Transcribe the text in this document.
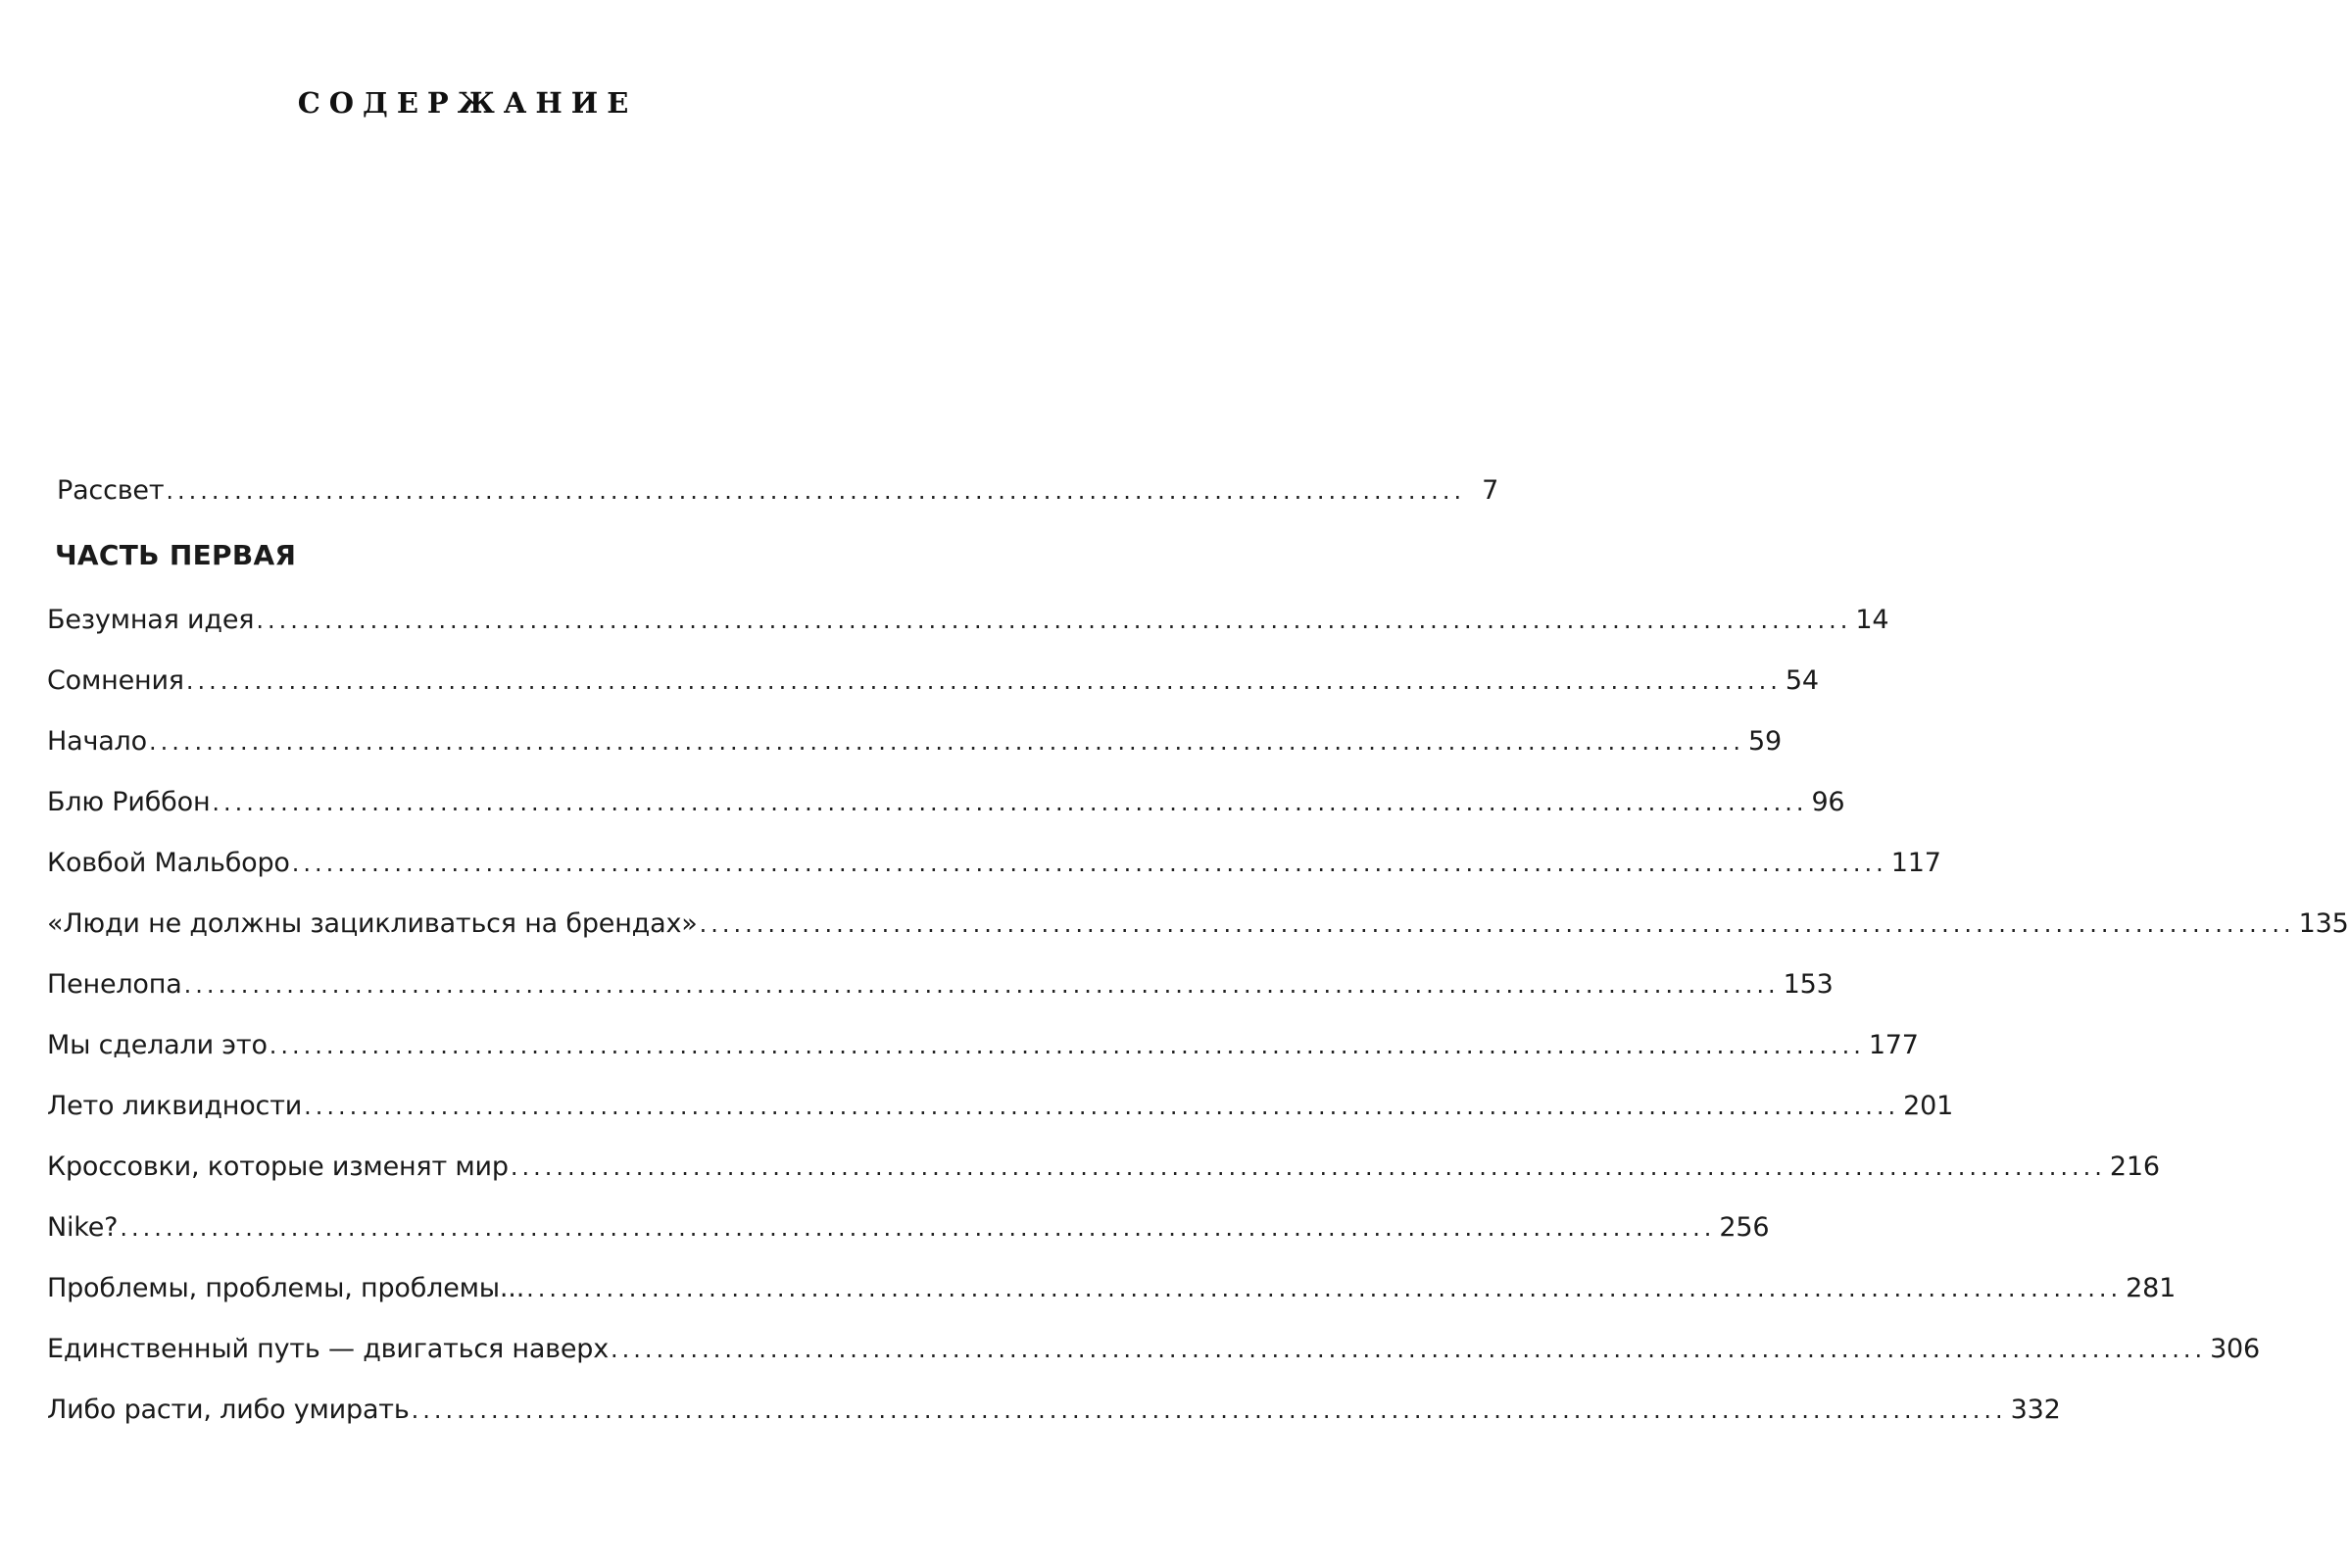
СОДЕРЖАНИЕ
Рассвет .................................................................................................................. 7
ЧАСТЬ ПЕРВАЯ
Безумная идея ............................................................................................................................................ 14
Сомнения ............................................................................................................................................ 54
Начало ............................................................................................................................................ 59
Блю Риббон ............................................................................................................................................ 96
Ковбой Мальборо ............................................................................................................................................ 117
«Люди не должны зацикливаться на брендах» ............................................................................................................................................ 135
Пенелопа ............................................................................................................................................ 153
Мы сделали это ............................................................................................................................................ 177
Лето ликвидности ............................................................................................................................................ 201
Кроссовки, которые изменят мир ............................................................................................................................................ 216
Nike? ............................................................................................................................................ 256
Проблемы, проблемы, проблемы... ............................................................................................................................................ 281
Единственный путь — двигаться наверх ............................................................................................................................................ 306
Либо расти, либо умирать ............................................................................................................................................ 332
